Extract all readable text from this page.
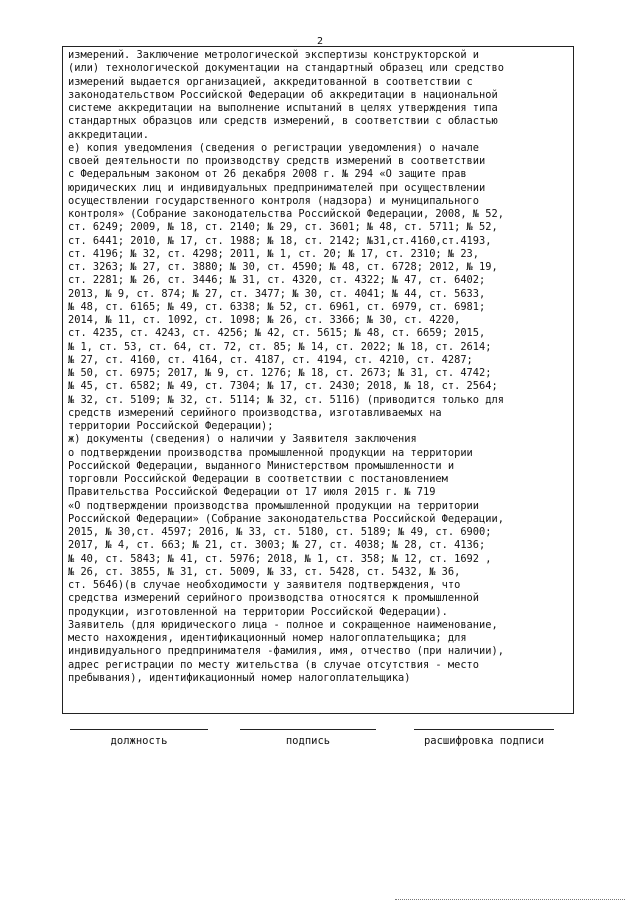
2
измерений. Заключение метрологической экспертизы конструкторской и
(или) технологической документации на стандартный образец или средство
измерений выдается организацией, аккредитованной в соответствии с
законодательством Российской Федерации об аккредитации в национальной
системе аккредитации на выполнение испытаний в целях утверждения типа
стандартных образцов или средств измерений, в соответствии с областью
аккредитации.
е) копия уведомления (сведения о регистрации уведомления) о начале
своей деятельности по производству средств измерений в соответствии
с Федеральным законом от 26 декабря 2008 г. № 294 «О защите прав
юридических лиц и индивидуальных предпринимателей при осуществлении
осуществлении государственного контроля (надзора) и муниципального
контроля» (Собрание законодательства Российской Федерации, 2008, № 52,
ст. 6249; 2009, № 18, ст. 2140; № 29, ст. 3601; № 48, ст. 5711; № 52,
ст. 6441; 2010, № 17, ст. 1988; № 18, ст. 2142; №31,ст.4160,ст.4193,
ст. 4196; № 32, ст. 4298; 2011, № 1, ст. 20; № 17, ст. 2310; № 23,
ст. 3263; № 27, ст. 3880; № 30, ст. 4590; № 48, ст. 6728; 2012, № 19,
ст. 2281; № 26, ст. 3446; № 31, ст. 4320, ст. 4322; № 47, ст. 6402;
2013, № 9, ст. 874; № 27, ст. 3477; № 30, ст. 4041; № 44, ст. 5633,
№ 48, ст. 6165; № 49, ст. 6338; № 52, ст. 6961, ст. 6979, ст. 6981;
2014, № 11, ст. 1092, ст. 1098; № 26, ст. 3366; № 30, ст. 4220,
ст. 4235, ст. 4243, ст. 4256; № 42, ст. 5615; № 48, ст. 6659; 2015,
№ 1, ст. 53, ст. 64, ст. 72, ст. 85; № 14, ст. 2022; № 18, ст. 2614;
№ 27, ст. 4160, ст. 4164, ст. 4187, ст. 4194, ст. 4210, ст. 4287;
№ 50, ст. 6975; 2017, № 9, ст. 1276; № 18, ст. 2673; № 31, ст. 4742;
№ 45, ст. 6582; № 49, ст. 7304; № 17, ст. 2430; 2018, № 18, ст. 2564;
№ 32, ст. 5109; № 32, ст. 5114; № 32, ст. 5116) (приводится только для
средств измерений серийного производства, изготавливаемых на
территории Российской Федерации);
ж) документы (сведения) о наличии у Заявителя заключения
о подтверждении производства промышленной продукции на территории
Российской Федерации, выданного Министерством промышленности и
торговли Российской Федерации в соответствии с постановлением
Правительства Российской Федерации от 17 июля 2015 г. № 719
«О подтверждении производства промышленной продукции на территории
Российской Федерации» (Собрание законодательства Российской Федерации,
2015, № 30,ст. 4597; 2016, № 33, ст. 5180, ст. 5189; № 49, ст. 6900;
2017, № 4, ст. 663; № 21, ст. 3003; № 27, ст. 4038; № 28, ст. 4136;
№ 40, ст. 5843; № 41, ст. 5976; 2018, № 1, ст. 358; № 12, ст. 1692 ,
№ 26, ст. 3855, № 31, ст. 5009, № 33, ст. 5428, ст. 5432, № 36,
ст. 5646)(в случае необходимости у заявителя подтверждения, что
средства измерений серийного производства относятся к промышленной
продукции, изготовленной на территории Российской Федерации).
Заявитель (для юридического лица - полное и сокращенное наименование,
место нахождения, идентификационный номер налогоплательщика; для
индивидуального предпринимателя -фамилия, имя, отчество (при наличии),
адрес регистрации по месту жительства (в случае отсутствия - место
пребывания), идентификационный номер налогоплательщика)
должность	подпись	расшифровка подписи
